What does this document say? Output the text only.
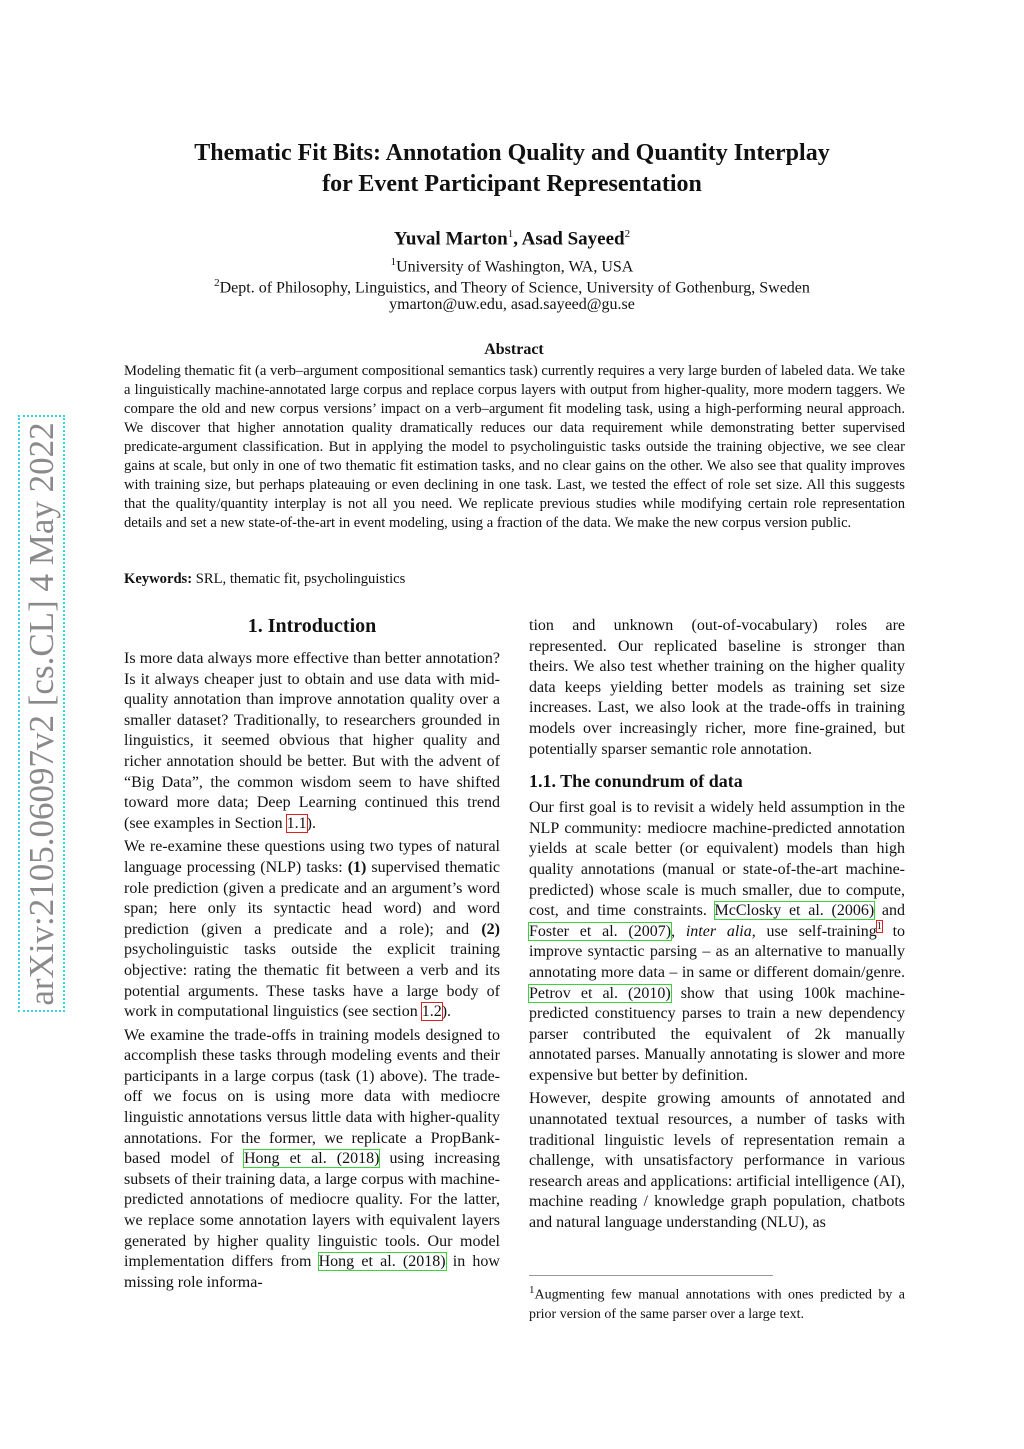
arXiv:2105.06097v2 [cs.CL] 4 May 2022
Thematic Fit Bits: Annotation Quality and Quantity Interplay
for Event Participant Representation
Yuval Marton$^1$, Asad Sayeed$^2$
$^1$University of Washington, WA, USA
$^2$Dept. of Philosophy, Linguistics, and Theory of Science, University of Gothenburg, Sweden
ymarton@uw.edu, asad.sayeed@gu.se
Abstract
Modeling thematic fit (a verb–argument compositional semantics task) currently requires a very large burden of labeled data. We take a linguistically machine-annotated large corpus and replace corpus layers with output from higher-quality, more modern taggers. We compare the old and new corpus versions’ impact on a verb–argument fit modeling task, using a high-performing neural approach. We discover that higher annotation quality dramatically reduces our data requirement while demonstrating better supervised predicate-argument classification. But in applying the model to psycholinguistic tasks outside the training objective, we see clear gains at scale, but only in one of two thematic fit estimation tasks, and no clear gains on the other. We also see that quality improves with training size, but perhaps plateauing or even declining in one task. Last, we tested the effect of role set size. All this suggests that the quality/quantity interplay is not all you need. We replicate previous studies while modifying certain role representation details and set a new state-of-the-art in event modeling, using a fraction of the data. We make the new corpus version public.
Keywords: SRL, thematic fit, psycholinguistics
1. Introduction

Is more data always more effective than better annotation? Is it always cheaper just to obtain and use data with mid-quality annotation than improve annotation quality over a smaller dataset? Traditionally, to researchers grounded in linguistics, it seemed obvious that higher quality and richer annotation should be better. But with the advent of “Big Data”, the common wisdom seem to have shifted toward more data; Deep Learning continued this trend (see examples in Section 1.1).

We re-examine these questions using two types of natural language processing (NLP) tasks: (1) supervised thematic role prediction (given a predicate and an argument’s word span; here only its syntactic head word) and word prediction (given a predicate and a role); and (2) psycholinguistic tasks outside the explicit training objective: rating the thematic fit between a verb and its potential arguments. These tasks have a large body of work in computational linguistics (see section 1.2).

We examine the trade-offs in training models designed to accomplish these tasks through modeling events and their participants in a large corpus (task (1) above). The trade-off we focus on is using more data with mediocre linguistic annotations versus little data with higher-quality annotations. For the former, we replicate a PropBank-based model of Hong et al. (2018) using increasing subsets of their training data, a large corpus with machine-predicted annotations of mediocre quality. For the latter, we replace some annotation layers with equivalent layers generated by higher quality linguistic tools. Our model implementation differs from Hong et al. (2018) in how missing role informa-

tion and unknown (out-of-vocabulary) roles are represented. Our replicated baseline is stronger than theirs. We also test whether training on the higher quality data keeps yielding better models as training set size increases. Last, we also look at the trade-offs in training models over increasingly richer, more fine-grained, but potentially sparser semantic role annotation.

1.1. The conundrum of data

Our first goal is to revisit a widely held assumption in the NLP community: mediocre machine-predicted annotation yields at scale better (or equivalent) models than high quality annotations (manual or state-of-the-art machine-predicted) whose scale is much smaller, due to compute, cost, and time constraints. McClosky et al. (2006) and Foster et al. (2007), inter alia, use self-training$^1$ to improve syntactic parsing – as an alternative to manually annotating more data – in same or different domain/genre. Petrov et al. (2010) show that using 100k machine-predicted constituency parses to train a new dependency parser contributed the equivalent of 2k manually annotated parses. Manually annotating is slower and more expensive but better by definition.

However, despite growing amounts of annotated and unannotated textual resources, a number of tasks with traditional linguistic levels of representation remain a challenge, with unsatisfactory performance in various research areas and applications: artificial intelligence (AI), machine reading / knowledge graph population, chatbots and natural language understanding (NLU), as

$^1$Augmenting few manual annotations with ones predicted by a prior version of the same parser over a large text.
